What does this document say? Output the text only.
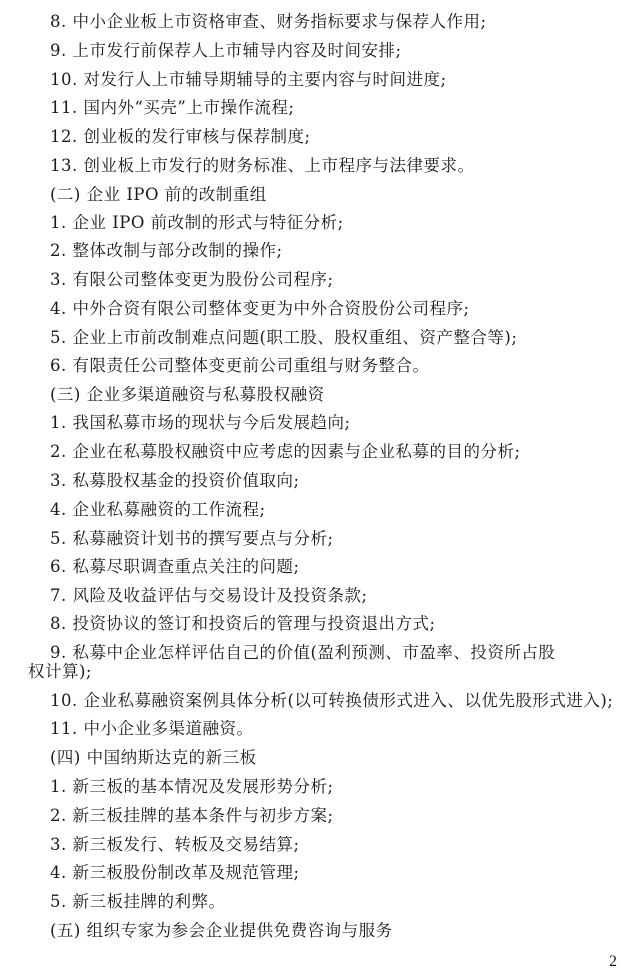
8. 中小企业板上市资格审查、财务指标要求与保荐人作用;
9. 上市发行前保荐人上市辅导内容及时间安排;
10. 对发行人上市辅导期辅导的主要内容与时间进度;
11. 国内外“买壳”上市操作流程;
12. 创业板的发行审核与保荐制度;
13. 创业板上市发行的财务标准、上市程序与法律要求。
(二) 企业 IPO 前的改制重组
1. 企业 IPO 前改制的形式与特征分析;
2. 整体改制与部分改制的操作;
3. 有限公司整体变更为股份公司程序;
4. 中外合资有限公司整体变更为中外合资股份公司程序;
5. 企业上市前改制难点问题(职工股、股权重组、资产整合等);
6. 有限责任公司整体变更前公司重组与财务整合。
(三) 企业多渠道融资与私募股权融资
1. 我国私募市场的现状与今后发展趋向;
2. 企业在私募股权融资中应考虑的因素与企业私募的目的分析;
3. 私募股权基金的投资价值取向;
4. 企业私募融资的工作流程;
5. 私募融资计划书的撰写要点与分析;
6. 私募尽职调查重点关注的问题;
7. 风险及收益评估与交易设计及投资条款;
8. 投资协议的签订和投资后的管理与投资退出方式;
9. 私募中企业怎样评估自己的价值(盈利预测、市盈率、投资所占股
权计算);
10. 企业私募融资案例具体分析(以可转换债形式进入、以优先股形式进入);
11. 中小企业多渠道融资。
(四) 中国纳斯达克的新三板
1. 新三板的基本情况及发展形势分析;
2. 新三板挂牌的基本条件与初步方案;
3. 新三板发行、转板及交易结算;
4. 新三板股份制改革及规范管理;
5. 新三板挂牌的利弊。
(五) 组织专家为参会企业提供免费咨询与服务
2
